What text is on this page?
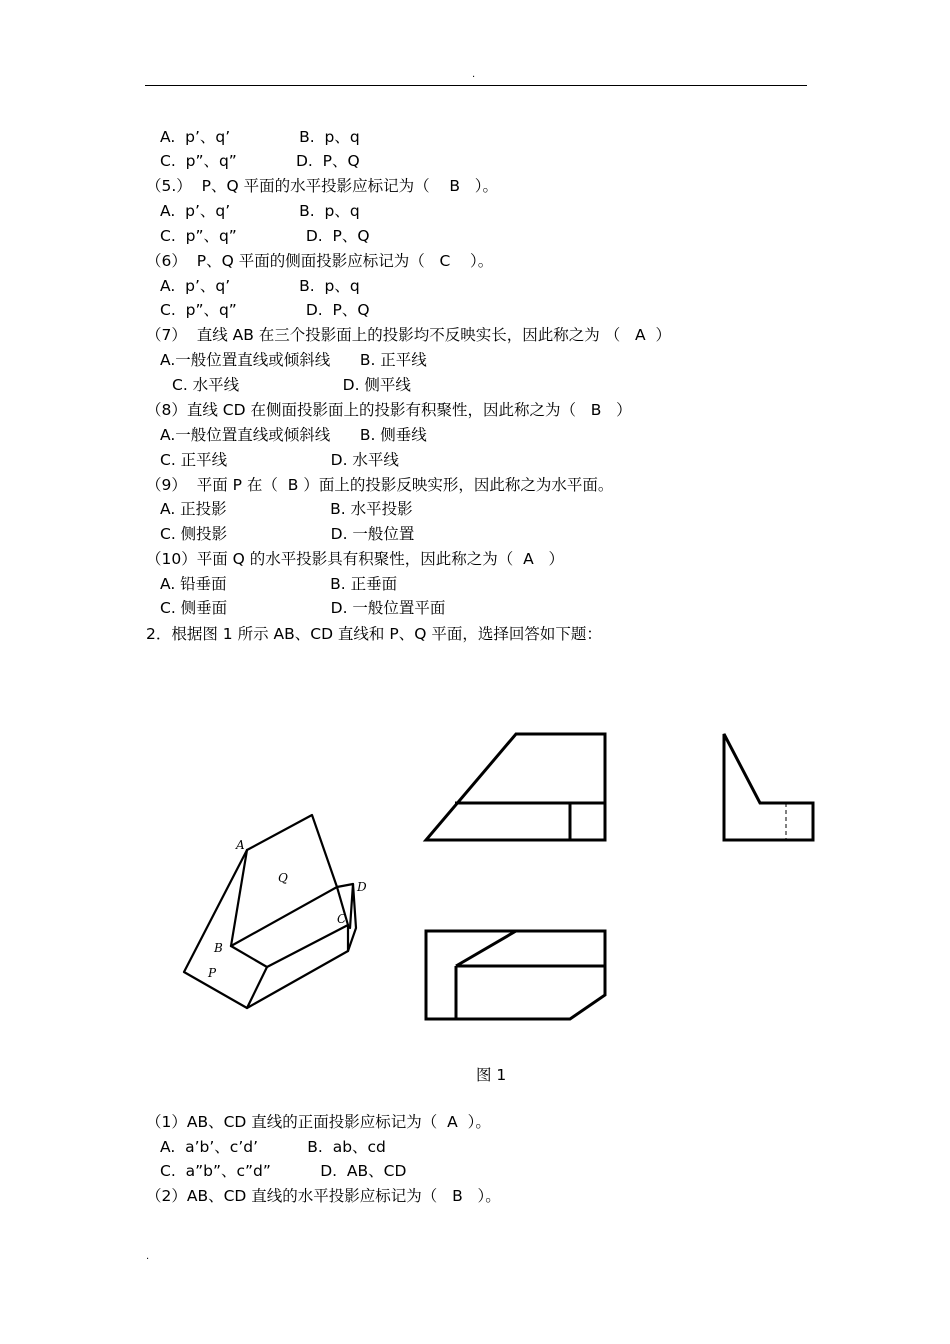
.
A.  p’、q’              B.  p、q
C.  p”、q”            D.  P、Q
（5.）  P、Q 平面的水平投影应标记为（    B   ）。
A.  p’、q’              B.  p、q
C.  p”、q”              D.  P、Q
（6）  P、Q 平面的侧面投影应标记为（   C    ）。
A.  p’、q’              B.  p、q
C.  p”、q”              D.  P、Q
（7）  直线 AB 在三个投影面上的投影均不反映实长，因此称之为 （   A  ）
A.一般位置直线或倾斜线      B. 正平线
C. 水平线                     D. 侧平线
（8）直线 CD 在侧面投影面上的投影有积聚性，因此称之为（   B   ）
A.一般位置直线或倾斜线      B. 侧垂线
C. 正平线                     D. 水平线
（9）  平面 P 在（  B ）面上的投影反映实形，因此称之为水平面。
A. 正投影                     B. 水平投影
C. 侧投影                     D. 一般位置
（10）平面 Q 的水平投影具有积聚性，因此称之为（  A   ）
A. 铅垂面                     B. 正垂面
C. 侧垂面                     D. 一般位置平面
2．根据图 1 所示 AB、CD 直线和 P、Q 平面，选择回答如下题：
A
Q
D
C
B
P
图 1
（1）AB、CD 直线的正面投影应标记为（  A  ）。
A.  a’b’、c’d’          B.  ab、cd
C.  a”b”、c”d”          D.  AB、CD
（2）AB、CD 直线的水平投影应标记为（   B   ）。
.
